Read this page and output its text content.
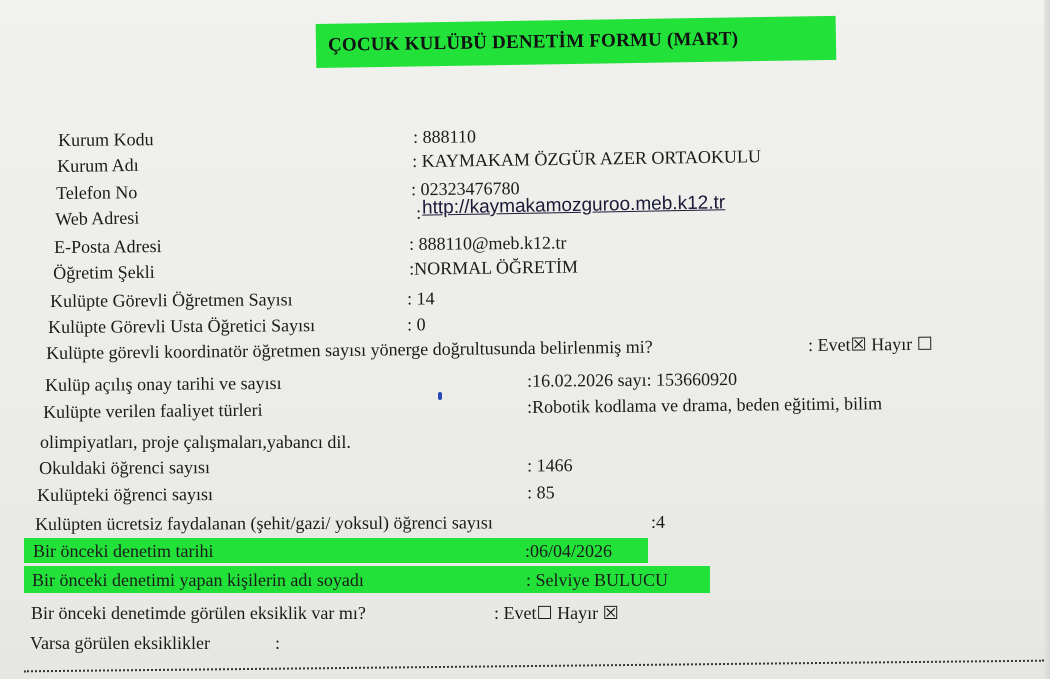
ÇOCUK KULÜBÜ DENETİM FORMU (MART)
Kurum Kodu	: 888110
Kurum Adı	: KAYMAKAM ÖZGÜR AZER ORTAOKULU
Telefon No	: 02323476780
Web Adresi	: http://kaymakamozguroo.meb.k12.tr
E-Posta Adresi	: 888110@meb.k12.tr
Öğretim Şekli	:NORMAL ÖĞRETİM
Kulüpte Görevli Öğretmen Sayısı	: 14
Kulüpte Görevli Usta Öğretici Sayısı	: 0
Kulüpte görevli koordinatör öğretmen sayısı yönerge doğrultusunda belirlenmiş mi?	: Evet☒ Hayır ☐
Kulüp açılış onay tarihi ve sayısı	:16.02.2026 sayı: 153660920
Kulüpte verilen faaliyet türleri	:Robotik kodlama ve drama, beden eğitimi, bilim
olimpiyatları, proje çalışmaları,yabancı dil.
Okuldaki öğrenci sayısı	: 1466
Kulüpteki öğrenci sayısı	: 85
Kulüpten ücretsiz faydalanan (şehit/gazi/ yoksul) öğrenci sayısı	:4
Bir önceki denetim tarihi	:06/04/2026
Bir önceki denetimi yapan kişilerin adı soyadı	: Selviye BULUCU
Bir önceki denetimde görülen eksiklik var mı?	: Evet☐ Hayır ☒
Varsa görülen eksiklikler	:
